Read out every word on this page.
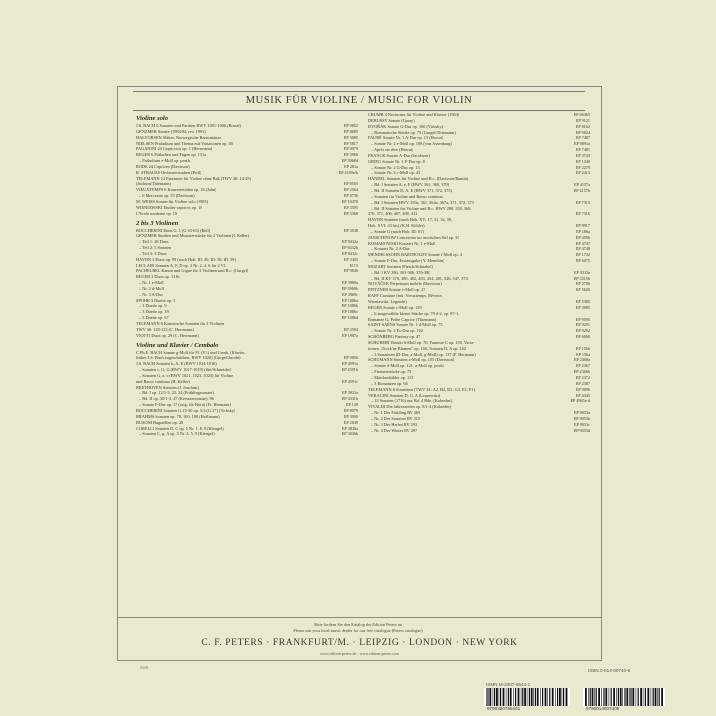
MUSIK FÜR VIOLINE / MUSIC FOR VIOLIN
Violine solo
J.S. BACH 6 Sonaten und Partiten BWV 1001-1006 (Rostal)	EP 9852
GENZMER Sonate (1983/84, rev. 1991)	EP 8685
HALVORSEN Slåtter, Norwegische Bauerntänze	EP 3085
NIELSEN Präludium und Thema mit Variationen op. 48	EP 5817
PAGANINI 24 Capriccios op. 1 (Herrmann)	EP 9979
REGER 6 Präludien und Fugen op. 131a	EP 3968
– Präludium e-Moll op. posth.	EP 3968d
RODE 24 Capricen (Davisson)	EP 281a
R. STRAUSS Orchesterstudien (Prill)	EP 4189a/b
TELEMANN 12 Fantasien für Violine ohne Baß (TWV 40: 14-25)
(Jochum/Thiemann)	EP 9565
VIEUXTEMPS 6 Konzertetüden op. 16 (Jahn)	EP 2564
– 6 Morceaux op. 55 (Davisson)	EP 8736
M. WEISS Sonate für Violine solo (1985)	EP 10478
WIENIAWSKI Etudes-caprices op. 18	EP 3395
L'Ecole moderne op. 10	EP 3368
2 bis 3 Violinen
BOCCHERINI Duos G. 1 (G 63-65) (Bell)	EP 3538
GENZMER Studien und Musizierstücke für 2 Violinen (I. Keller)
– Teil 1: 28 Duos	EP 8432a
– Teil 2: 5 Sonaten	EP 8432b
– Teil 3: 3 Duos	EP 8432c
HAYDN 3 Duos op. 99 (nach Hob. III: 40, III: 38, III: 39)	EP 3403
LECLAIR Sonaten A, F, D op. 3 Nr. 2, 4, 6 für 2 Vl.	H 15
PACHELBEL Kanon und Gigue für 3 Violinen und B.c. (Gurgel)	EP 9846
REGER 3 Duos op. 131b
– Nr. 1 e-Moll	EP 3969a
– Nr. 2 d-Moll	EP 3969b
– Nr. 3 A-Dur	EP 3969c
SPOHR 3 Duette op. 3	EP 1086a
– 3 Duette op. 9	EP 1086b
– 3 Duette op. 39	EP 1086c
– 3 Duette op. 67	EP 1086d
TELEMANN 6 Kanonische Sonaten für 2 Violinen
TWV 40: 118-123 (C. Herrmann)	EP 4594
VIOTTI Duos op. 29 (C. Herrmann)	EP 1987a
Violine und Klavier / Cembalo
C.Ph.E. BACH Sonate g-Moll für Fl. (Vl.) und Cemb. (Klavier,
früher J.S. Bach zugeschrieben, BWV 1020) (Gurgel/Jacobi)	EP 9856
J.S. BACH Sonaten h, A, E (BWV 1014-1016)	EP 4591a
– Sonaten c, G, G (BWV 1017-1019) (Sitt/Schneider)	EP 4591b
– Sonaten G, e, c (BWV 1021, 1023, 1024) für Violine
und Basso continuo (H. Keller)	EP 4591c
BEETHOVEN Sonaten (J. Joachim)
– Bd. I op. 12/1-3, 23, 24 (Frühlingssonate)	EP 3031a
– Bd. II op. 30/1-3, 47 (Kreutzersonate), 96	EP 3031b
– Sonate F-Dur op. 17 (orig. für Horn) (Fr. Hermann)	EP 149
BOCCHERINI Sonaten G 25-30 op. 5/3 (G 27) (Virbsky)	EP 8079
BRAHMS Sonaten op. 78, 100, 108 (Hoffmann)	EP 3900
BUSONI Bagatellen op. 28	EP 2849
CORELLI Sonaten D, C op. 5 Nr. 1, 8, 9 (Klengel)	EP 3836a
– Sonaten C, g, A op. 5 Nr. 3, 5, 9 (Klengel)	EP 3836b
CRUMB 4 Nocturnes für Violine und Klavier (1964)	EP 66465
DEBUSSY Sonate (Garay)	EP 9121
DVOŘÁK Sonate G-Dur op. 100 (Virbsky)	EP 8162
– Romantische Stücke op. 75 (Gurgel/Thiemann)	EP 9824
FAURÉ Sonate Nr. 1 A-Dur op. 13 (Howat)	EP 7487
– Sonate Nr. 2 e-Moll op. 108 (von Assenburg)	EP 9891a
– Après un rêve (Howat)	EP 7481
FRANCK Sonate A-Dur (Jacobsen)	EP 3743
GRIEG Sonate Nr. 1 F-Dur op. 8	EP 1340
– Sonate Nr. 2 G-Dur op. 13	EP 2279
– Sonate Nr. 3 c-Moll op. 45	EP 2414
HÄNDEL Sonaten für Violine und B.c. (Davisson/Ramin)
– Bd. I Sonaten A, e, F (HWV 361, 368, 370)	EP 4157a
– Bd. II Sonaten D, A, E (HWV 371, 372, 373)	EP 4157b
– Sonaten für Violine und Basso continuo
– Bd. I Sonaten HWV 359a, 361, 364a, 367a, 371, 372, 373	EP 7315
– Bd. II Sonaten für Violine und B.c. HWV 288, 358, 368,
370, 371, 406, 407, 408, 412	EP 7316
HAYDN Sonaten (nach Hob. XV: 17, 31, 32, 39,
Hob. XVI: 43 bis) (K.H. Köhler)	EP 9917
– Sonate G (nach Hob. III: 81)	EP 186a
JANSCHINOW Concertino im russischen Stil op. 35	EP 4596
KOMAROWSKI Konzert Nr. 1 e-Moll	EP 4747
– Konzert Nr. 2 A-Dur	EP 4748
MENDELSSOHN BARTHOLDY Sonate f-Moll op. 4	EP 1732
– Sonate F-Dur, Erstausgabe (Y. Menuhin)	EP 6075
MOZART Sonaten (Flesch/Schnabel)
– Bd. I KV 296, 301-306, 376-380	EP 3315a
– Bd. II KV 378, 380, 402, 403, 454, 481, 526, 547, 570	EP 3315b
NOVÁČEK Perpetuum mobile (Davisson)	EP 2786
PFITZNER Sonate e-Moll op. 27	EP 5620
RAFF Cavatine (mit: Vieuxtemps, Rêverie,
Wieniawski, Legende)	EP 5385
REGER Sonate c-Moll op. 139	EP 3985
– 6 ausgewählte kleine Stücke op. 79 d-2, op. 87-1,
Romanze G, Petite Caprice (Thiemann)	EP 9595
SAINT-SAËNS Sonate Nr. 1 d-Moll op. 75	EP 9291
– Sonate Nr. 2 Es-Dur op. 102	EP 9292
SCHÖNBERG Fantasy op. 47	EP 6060
SCHUBERT Rondo h-Moll op. 70, Fantasie C op. 159, Varia-
tionen „Trock'ne Blumen" op. 160, Sonaten D, A op. 162	EP 156b
– 3 Sonatinen (D-Dur, a-Moll, g-Moll) op. 137 (F. Hermann)	EP 156a
SCHUMANN Sonaten a-Moll op. 105 (Davisson)	EP 2368a
– Sonate d-Moll op. 121, a-Moll op. posth.	EP 2367
– Fantasiestücke op. 73	EP 2366b
– Märchenbilder op. 113	EP 2372
– 3 Romanzen op. 94	EP 2387
TELEMANN 6 Sonatinen (TWV 41: A2, B2, D2, G3, E1, F1)	EP 9096
VERACINI Sonaten D, G, A (Lenzewski)	EP 4345
– 12 Sonaten (1716) nur Bd. 4 Bde. (Kolneder)	EP 4965a-d
VIVALDI Die Jahreszeiten op. 8/1-4 (Kolneder)
– Nr. 1 Der Frühling RV 269	EP 9053a
– Nr. 2 Der Sommer RV 315	EP 9053b
– Nr. 3 Der Herbst RV 293	EP 9053c
– Nr. 4 Der Winter RV 297	EP 9053d
Bitte fordern Sie den Katalog der Edition Peters an
Please ask your local music dealer for our free catalogue (Peters catalogue)
C. F. PETERS · FRANKFURT/M. · LEIPZIG · LONDON · NEW YORK
www.edition-peters.de · www.edition-peters.com
03/08	ISBN 0-014-00740-9
ISMN M-2007-5544-1
9790300755441	9790014007409
